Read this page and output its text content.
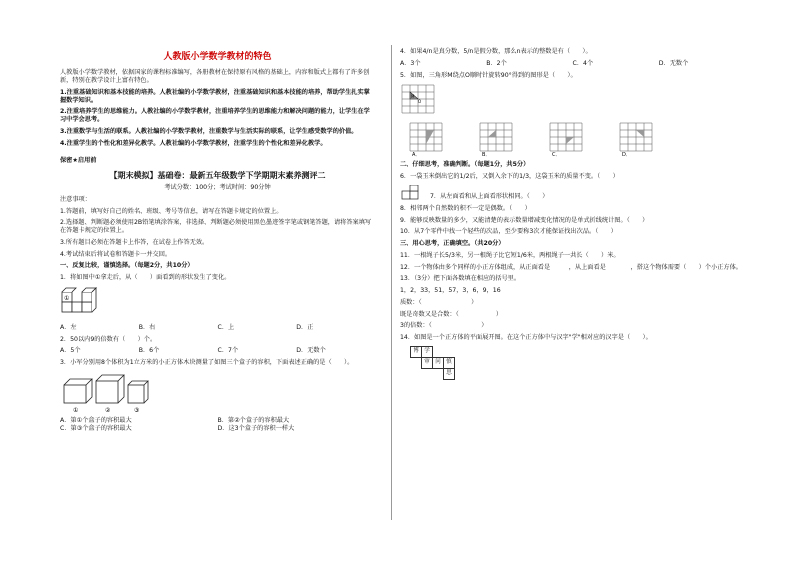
人教版小学数学教材的特色

人教版小学数学教材，依据国家的课程标准编写，各册教材在保持原有风格的基础上，内容和版式上都有了许多创新，特别在教学设计上富有特色。

1.注重基础知识和基本技能的培养。人教社编的小学数学教材，注重基础知识和基本技能的培养，帮助学生扎实掌握数学知识。

2.注重培养学生的思维能力。人教社编的小学数学教材，注重培养学生的思维能力和解决问题的能力，让学生在学习中学会思考。

3.注重数学与生活的联系。人教社编的小学数学教材，注重数学与生活实际的联系，让学生感受数学的价值。

4.注重学生的个性化和差异化教学。人教社编的小学数学教材，注重学生的个性化和差异化教学。

保密★启用前

【期末模拟】基础卷：最新五年级数学下学期期末素养测评二

考试分数：100分；考试时间：90分钟

注意事项：

1.答题前，填写好自己的姓名、班级、考号等信息，请写在答题卡规定的位置上。

2.选择题、判断题必须使用2B铅笔填涂答案，非选择、判断题必须使用黑色墨迹签字笔或钢笔答题，请将答案填写在答题卡规定的位置上。

3.所有题目必须在答题卡上作答，在试卷上作答无效。

4.考试结束后将试卷和答题卡一并交回。

一、反复比较，谨慎选择。（每题2分，共10分）

1．将如图中①拿走后，从（　　）面看到的形状发生了变化。

①
A．左	B．右	C．上	D．正

2．50以内9的倍数有（　　）个。

A．5个	B．6个	C．7个	D．无数个

3．小军分别用8个体积为1立方米的小正方体木块测量了如图三个盒子的容积，下面表述正确的是（　　）。

①	②	③
A．第①个盒子的容积最大	B．第②个盒子的容积最大
C．第③个盒子的容积最大	D．这3个盒子的容积一样大

4．如果4/n是真分数，5/n是假分数，那么n表示的整数是有（　　）。

A．3个	B．2个	C．4个	D．无数个

5．如图，三角形M绕点O顺时针旋转90°得到的图形是（　　）。

M
O
A．	B．	C．	D．

二、仔细思考，准确判断。（每题1分，共5分）

6．一袋玉米倒出它的1/2后，又倒入余下的1/3，这袋玉米的质量不变。（　　）

7．从左面看和从上面看形状相同。（　　）

8．相邻两个自然数的积不一定是偶数。（　　）

9．能够反映数量的多少，又能清楚的表示数量增减变化情况的是单式折线统计图。（　　）

10．从7个零件中找一个轻些的次品，至少要称3次才能保证找出次品。（　　）

三、用心思考，正确填空。（共20分）

11．一根绳子长5/3米，另一根绳子比它短1/6米，两根绳子一共长（　　）米。

12．一个物体由多个同样的小正方体组成，从正面看是　　　，从上面看是　　　　，搭这个物体需要（　　）个小正方体。

13．（3分）把下面各数填在相应的括号里。

1，2，33，51，57，3，6，9，16

质数：（　　　　　　　　）

既是奇数又是合数：（　　　　　　）

3的倍数：（　　　　　　　　）

14．如图是一个正方体的平面展开图。在这个正方体中与汉字"学"相对应的汉字是（　　）。

博	学		
	审	问	慎
			思
